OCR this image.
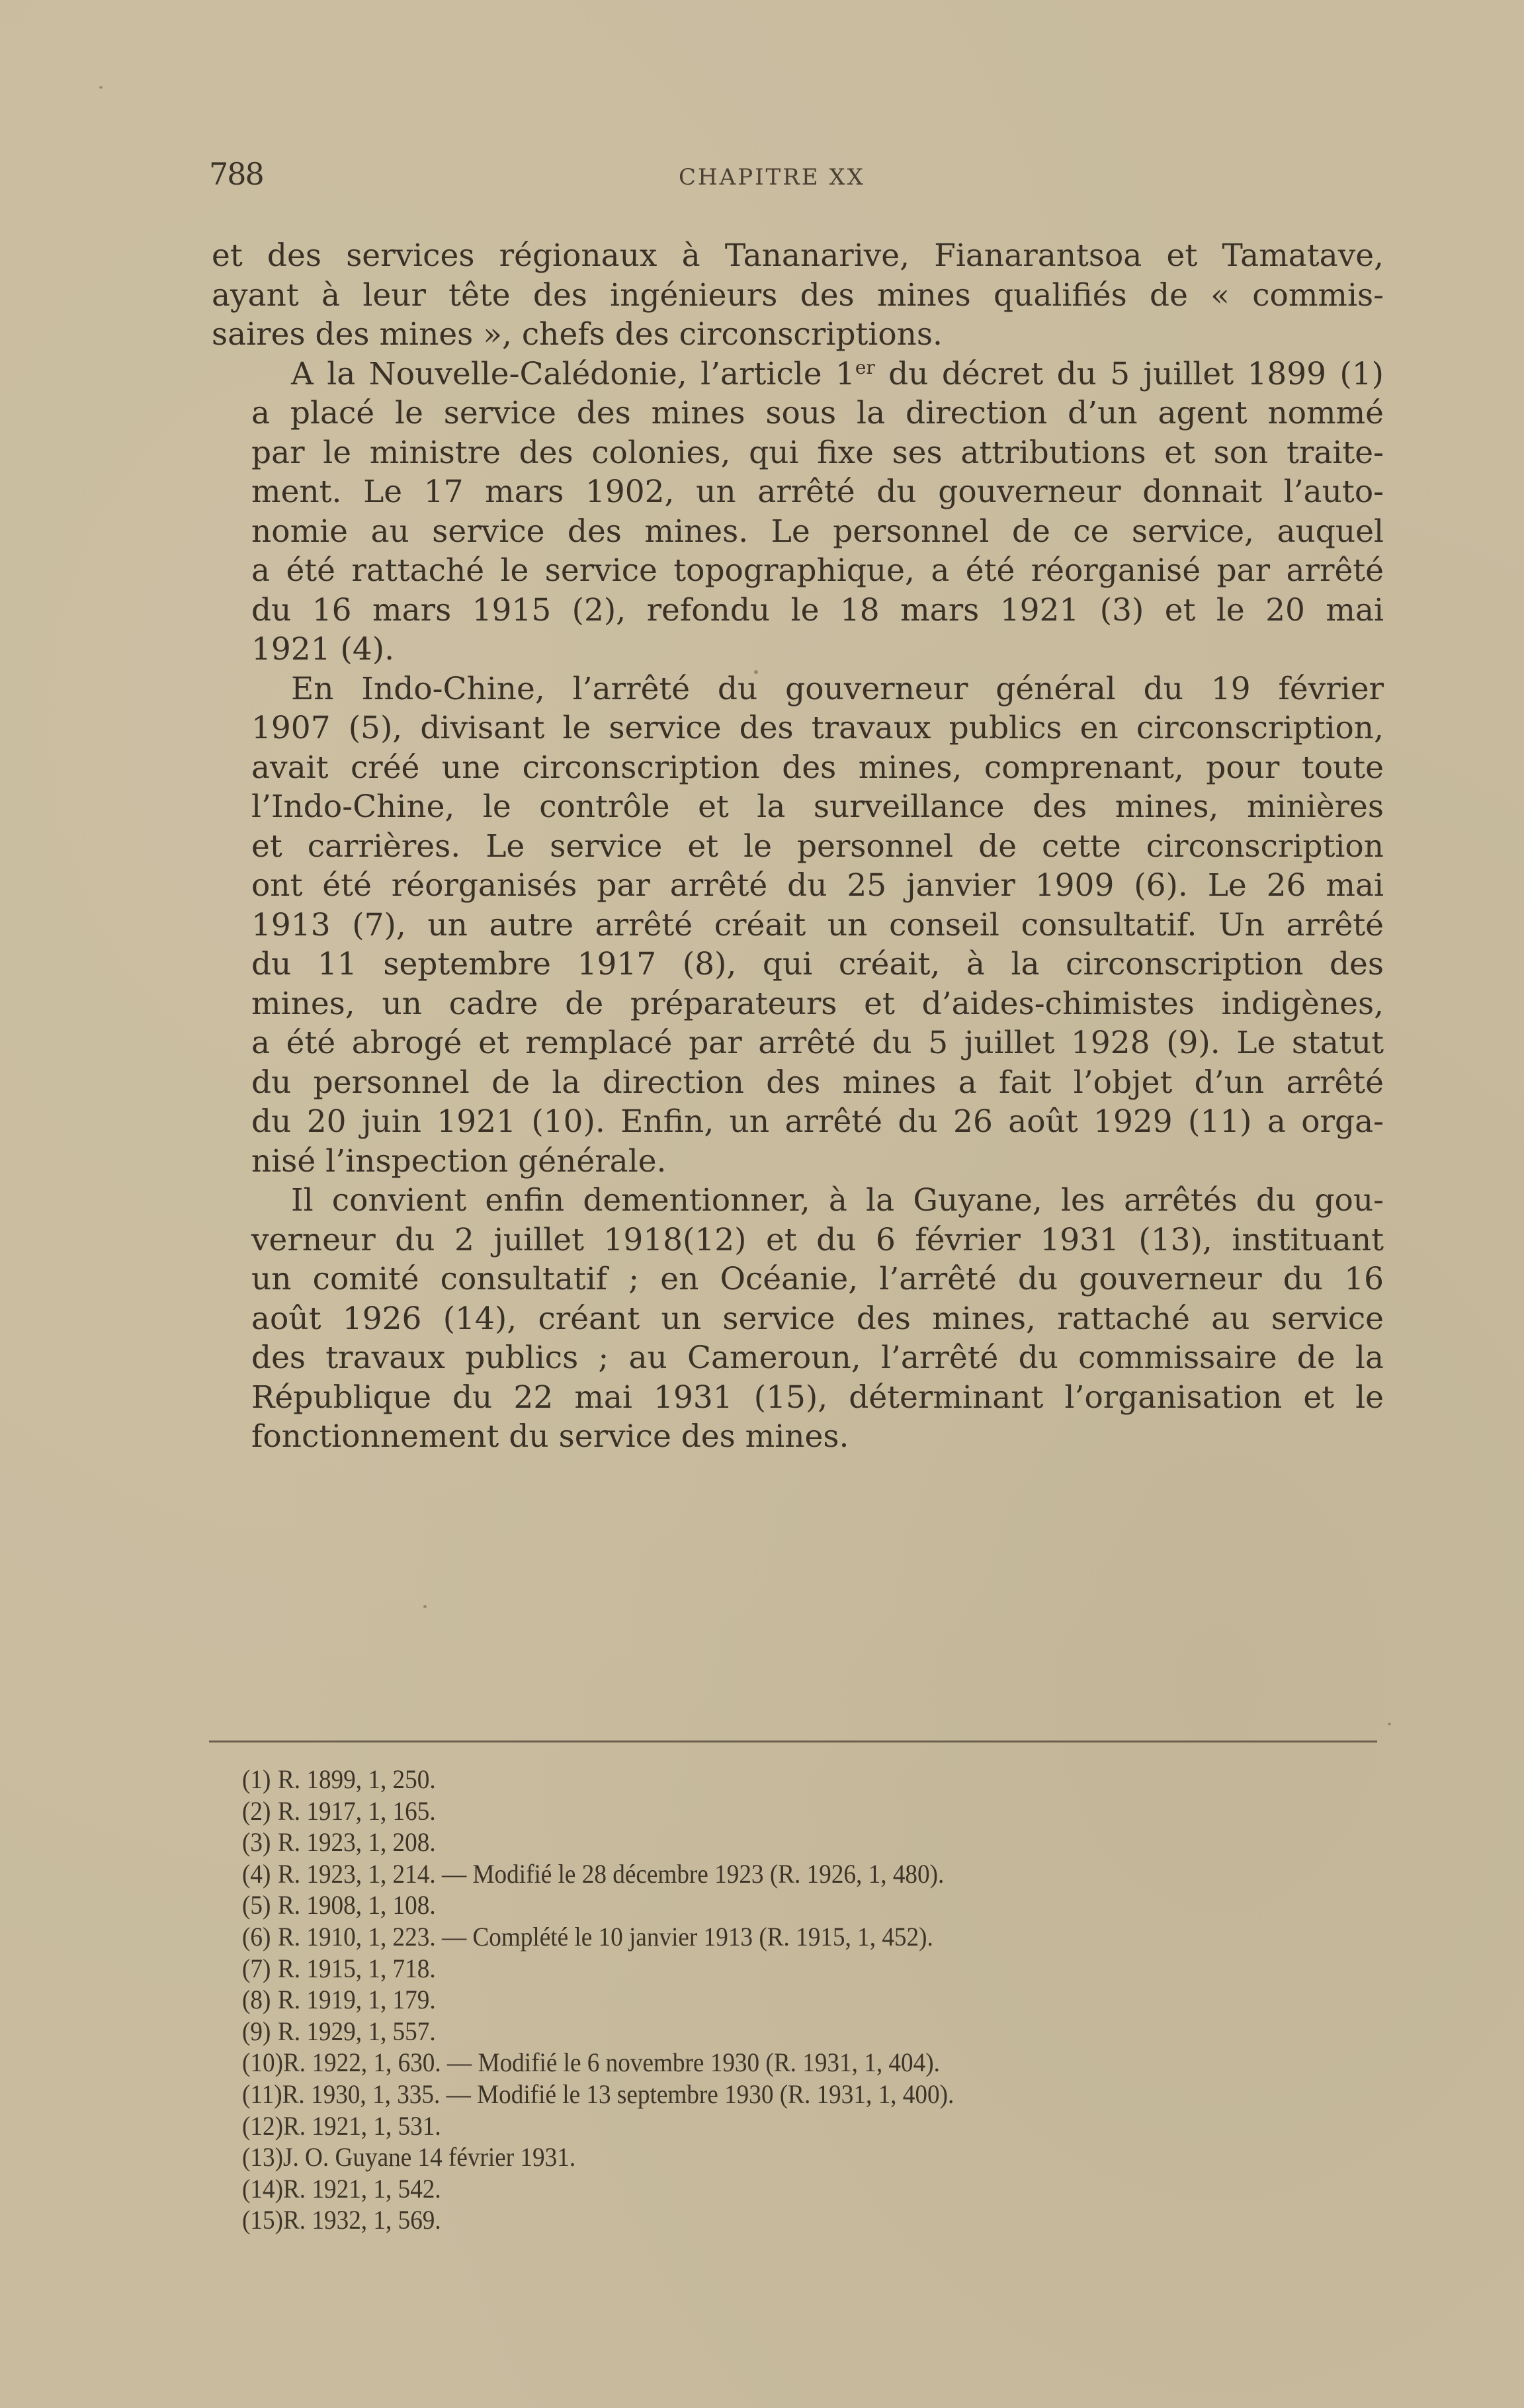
788	CHAPITRE XX

et des services régionaux à Tananarive, Fianarantsoa et Tamatave,
ayant à leur tête des ingénieurs des mines qualifiés de « commis-
saires des mines », chefs des circonscriptions.

A la Nouvelle-Calédonie, l’article 1er du décret du 5 juillet 1899 (1)
a placé le service des mines sous la direction d’un agent nommé
par le ministre des colonies, qui fixe ses attributions et son traite-
ment. Le 17 mars 1902, un arrêté du gouverneur donnait l’auto-
nomie au service des mines. Le personnel de ce service, auquel
a été rattaché le service topographique, a été réorganisé par arrêté
du 16 mars 1915 (2), refondu le 18 mars 1921 (3) et le 20 mai
1921 (4).

En Indo-Chine, l’arrêté du gouverneur général du 19 février
1907 (5), divisant le service des travaux publics en circonscription,
avait créé une circonscription des mines, comprenant, pour toute
l’Indo-Chine, le contrôle et la surveillance des mines, minières
et carrières. Le service et le personnel de cette circonscription
ont été réorganisés par arrêté du 25 janvier 1909 (6). Le 26 mai
1913 (7), un autre arrêté créait un conseil consultatif. Un arrêté
du 11 septembre 1917 (8), qui créait, à la circonscription des
mines, un cadre de préparateurs et d’aides-chimistes indigènes,
a été abrogé et remplacé par arrêté du 5 juillet 1928 (9). Le statut
du personnel de la direction des mines a fait l’objet d’un arrêté
du 20 juin 1921 (10). Enfin, un arrêté du 26 août 1929 (11) a orga-
nisé l’inspection générale.

Il convient enfin dementionner, à la Guyane, les arrêtés du gou-
verneur du 2 juillet 1918(12) et du 6 février 1931 (13), instituant
un comité consultatif ; en Océanie, l’arrêté du gouverneur du 16
août 1926 (14), créant un service des mines, rattaché au service
des travaux publics ; au Cameroun, l’arrêté du commissaire de la
République du 22 mai 1931 (15), déterminant l’organisation et le
fonctionnement du service des mines.

(1) R. 1899, 1, 250.
(2) R. 1917, 1, 165.
(3) R. 1923, 1, 208.
(4) R. 1923, 1, 214. — Modifié le 28 décembre 1923 (R. 1926, 1, 480).
(5) R. 1908, 1, 108.
(6) R. 1910, 1, 223. — Complété le 10 janvier 1913 (R. 1915, 1, 452).
(7) R. 1915, 1, 718.
(8) R. 1919, 1, 179.
(9) R. 1929, 1, 557.
(10)R. 1922, 1, 630. — Modifié le 6 novembre 1930 (R. 1931, 1, 404).
(11)R. 1930, 1, 335. — Modifié le 13 septembre 1930 (R. 1931, 1, 400).
(12)R. 1921, 1, 531.
(13)J. O. Guyane 14 février 1931.
(14)R. 1921, 1, 542.
(15)R. 1932, 1, 569.
